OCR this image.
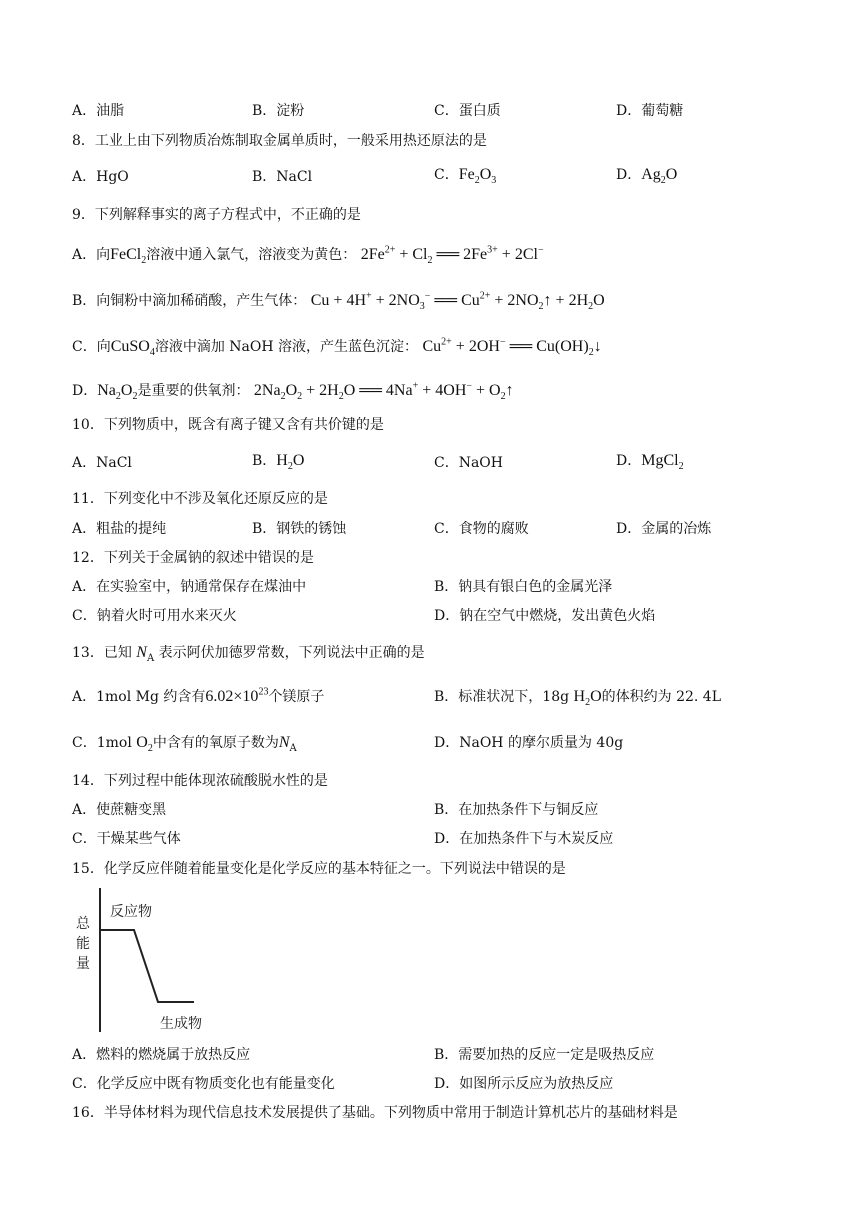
A．油脂	B．淀粉	C．蛋白质	D．葡萄糖
8．工业上由下列物质冶炼制取金属单质时，一般采用热还原法的是
A．HgO	B．NaCl	C．$Fe_2O_3$	D．$Ag_2O$
9．下列解释事实的离子方程式中，不正确的是
A．向FeCl$_2$溶液中通入氯气，溶液变为黄色： $2Fe^{2+} + Cl_2$ ══ $2Fe^{3+} + 2Cl^-$
B．向铜粉中滴加稀硝酸，产生气体： $Cu + 4H^+ + 2NO_3^-$ ══ $Cu^{2+}$ + $2NO_2↑ + 2H_2O$
C．向CuSO$_4$溶液中滴加 NaOH 溶液，产生蓝色沉淀： $Cu^{2+} + 2OH^-$ ══ $Cu(OH)_2↓$
D．$Na_2O_2$是重要的供氧剂： $2Na_2O_2 + 2H_2O$ ══ $4Na^+ + 4OH^- + O_2↑$
10．下列物质中，既含有离子键又含有共价键的是
A．NaCl	B．$H_2O$	C．NaOH	D．MgCl$_2$
11．下列变化中不涉及氧化还原反应的是
A．粗盐的提纯	B．钢铁的锈蚀	C．食物的腐败	D．金属的冶炼
12．下列关于金属钠的叙述中错误的是
A．在实验室中，钠通常保存在煤油中	B．钠具有银白色的金属光泽
C．钠着火时可用水来灭火	D．钠在空气中燃烧，发出黄色火焰
13．已知 $N_A$ 表示阿伏加德罗常数，下列说法中正确的是
A．1mol Mg 约含有$6.02\times 10^{23}$个镁原子	B．标准状况下，18g $H_2O$的体积约为 22. 4L
C．1mol $O_2$中含有的氧原子数为$N_A$	D．NaOH 的摩尔质量为 40g
14．下列过程中能体现浓硫酸脱水性的是
A．使蔗糖变黑	B．在加热条件下与铜反应
C．干燥某些气体	D．在加热条件下与木炭反应
15．化学反应伴随着能量变化是化学反应的基本特征之一。下列说法中错误的是
总
能
量
反应物
生成物
A．燃料的燃烧属于放热反应	B．需要加热的反应一定是吸热反应
C．化学反应中既有物质变化也有能量变化	D．如图所示反应为放热反应
16．半导体材料为现代信息技术发展提供了基础。下列物质中常用于制造计算机芯片的基础材料是
